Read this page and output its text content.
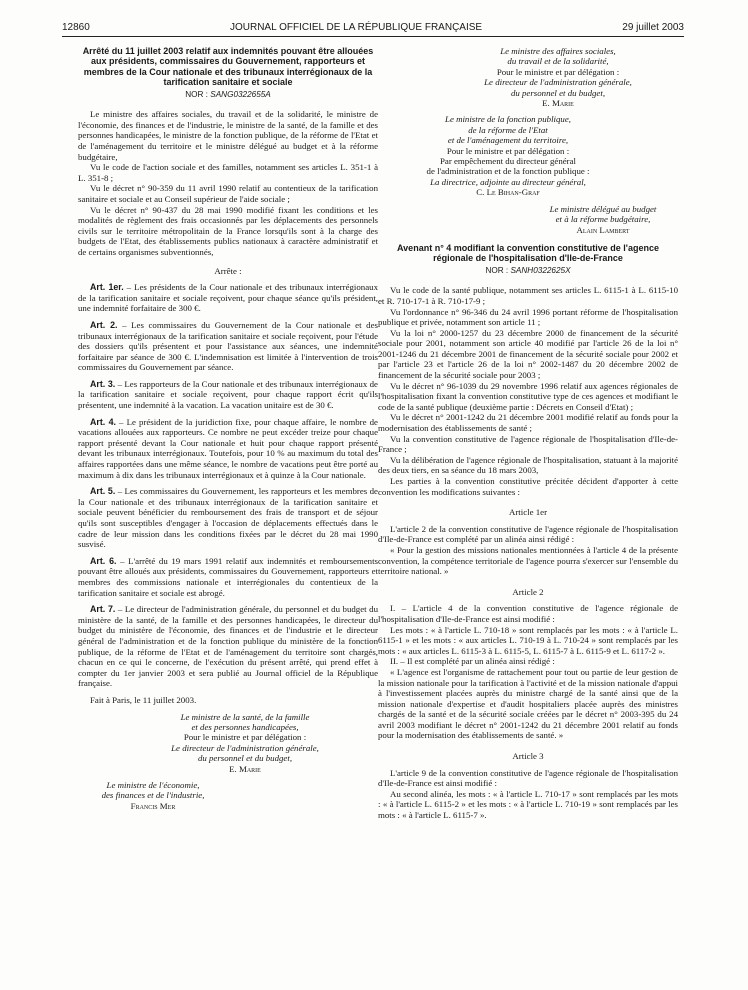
12860	JOURNAL OFFICIEL DE LA RÉPUBLIQUE FRANÇAISE	29 juillet 2003
Arrêté du 11 juillet 2003 relatif aux indemnités pouvant être allouées aux présidents, commissaires du Gouvernement, rapporteurs et membres de la Cour nationale et des tribunaux interrégionaux de la tarification sanitaire et sociale
NOR : SANG0322655A

Le ministre des affaires sociales, du travail et de la solidarité, le ministre de l'économie, des finances et de l'industrie, le ministre de la santé, de la famille et des personnes handicapées, le ministre de la fonction publique, de la réforme de l'Etat et de l'aménagement du territoire et le ministre délégué au budget et à la réforme budgétaire,

Vu le code de l'action sociale et des familles, notamment ses articles L. 351-1 à L. 351-8 ;

Vu le décret n° 90-359 du 11 avril 1990 relatif au contentieux de la tarification sanitaire et sociale et au Conseil supérieur de l'aide sociale ;

Vu le décret n° 90-437 du 28 mai 1990 modifié fixant les conditions et les modalités de règlement des frais occasionnés par les déplacements des personnels civils sur le territoire métropolitain de la France lorsqu'ils sont à la charge des budgets de l'Etat, des établissements publics nationaux à caractère administratif et de certains organismes subventionnés,

Arrête :

Art. 1er. – Les présidents de la Cour nationale et des tribunaux interrégionaux de la tarification sanitaire et sociale reçoivent, pour chaque séance qu'ils président, une indemnité forfaitaire de 300 €.

Art. 2. – Les commissaires du Gouvernement de la Cour nationale et des tribunaux interrégionaux de la tarification sanitaire et sociale reçoivent, pour l'étude des dossiers qu'ils présentent et pour l'assistance aux séances, une indemnité forfaitaire par séance de 300 €. L'indemnisation est limitée à l'intervention de trois commissaires du Gouvernement par séance.

Art. 3. – Les rapporteurs de la Cour nationale et des tribunaux interrégionaux de la tarification sanitaire et sociale reçoivent, pour chaque rapport écrit qu'ils présentent, une indemnité à la vacation. La vacation unitaire est de 30 €.

Art. 4. – Le président de la juridiction fixe, pour chaque affaire, le nombre de vacations allouées aux rapporteurs. Ce nombre ne peut excéder treize pour chaque rapport présenté devant la Cour nationale et huit pour chaque rapport présenté devant les tribunaux interrégionaux. Toutefois, pour 10 % au maximum du total des affaires rapportées dans une même séance, le nombre de vacations peut être porté au maximum à dix dans les tribunaux interrégionaux et à quinze à la Cour nationale.

Art. 5. – Les commissaires du Gouvernement, les rapporteurs et les membres de la Cour nationale et des tribunaux interrégionaux de la tarification sanitaire et sociale peuvent bénéficier du remboursement des frais de transport et de séjour qu'ils sont susceptibles d'engager à l'occasion de déplacements effectués dans le cadre de leur mission dans les conditions fixées par le décret du 28 mai 1990 susvisé.

Art. 6. – L'arrêté du 19 mars 1991 relatif aux indemnités et remboursements pouvant être alloués aux présidents, commissaires du Gouvernement, rapporteurs et membres des commissions nationale et interrégionales du contentieux de la tarification sanitaire et sociale est abrogé.

Art. 7. – Le directeur de l'administration générale, du personnel et du budget du ministère de la santé, de la famille et des personnes handicapées, le directeur du budget du ministère de l'économie, des finances et de l'industrie et le directeur général de l'administration et de la fonction publique du ministère de la fonction publique, de la réforme de l'Etat et de l'aménagement du territoire sont chargés, chacun en ce qui le concerne, de l'exécution du présent arrêté, qui prend effet à compter du 1er janvier 2003 et sera publié au Journal officiel de la République française.

Fait à Paris, le 11 juillet 2003.

Le ministre de la santé, de la famille
et des personnes handicapées,
Pour le ministre et par délégation :
Le directeur de l'administration générale,
du personnel et du budget,
E. Marie
Le ministre de l'économie,
des finances et de l'industrie,
Francis Mer
Le ministre des affaires sociales,
du travail et de la solidarité,
Pour le ministre et par délégation :
Le directeur de l'administration générale,
du personnel et du budget,
E. Marie
Le ministre de la fonction publique,
de la réforme de l'Etat
et de l'aménagement du territoire,
Pour le ministre et par délégation :
Par empêchement du directeur général
de l'administration et de la fonction publique :
La directrice, adjointe au directeur général,
C. Le Bihan-Graf
Le ministre délégué au budget
et à la réforme budgétaire,
Alain Lambert
Avenant n° 4 modifiant la convention constitutive de l'agence régionale de l'hospitalisation d'Ile-de-France
NOR : SANH0322625X

Vu le code de la santé publique, notamment ses articles L. 6115-1 à L. 6115-10 et R. 710-17-1 à R. 710-17-9 ;

Vu l'ordonnance n° 96-346 du 24 avril 1996 portant réforme de l'hospitalisation publique et privée, notamment son article 11 ;

Vu la loi n° 2000-1257 du 23 décembre 2000 de financement de la sécurité sociale pour 2001, notamment son article 40 modifié par l'article 26 de la loi n° 2001-1246 du 21 décembre 2001 de financement de la sécurité sociale pour 2002 et par l'article 23 et l'article 26 de la loi n° 2002-1487 du 20 décembre 2002 de financement de la sécurité sociale pour 2003 ;

Vu le décret n° 96-1039 du 29 novembre 1996 relatif aux agences régionales de l'hospitalisation fixant la convention constitutive type de ces agences et modifiant le code de la santé publique (deuxième partie : Décrets en Conseil d'Etat) ;

Vu le décret n° 2001-1242 du 21 décembre 2001 modifié relatif au fonds pour la modernisation des établissements de santé ;

Vu la convention constitutive de l'agence régionale de l'hospitalisation d'Ile-de-France ;

Vu la délibération de l'agence régionale de l'hospitalisation, statuant à la majorité des deux tiers, en sa séance du 18 mars 2003,

Les parties à la convention constitutive précitée décident d'apporter à cette convention les modifications suivantes :

Article 1er

L'article 2 de la convention constitutive de l'agence régionale de l'hospitalisation d'Ile-de-France est complété par un alinéa ainsi rédigé :

« Pour la gestion des missions nationales mentionnées à l'article 4 de la présente convention, la compétence territoriale de l'agence pourra s'exercer sur l'ensemble du territoire national. »

Article 2

I. – L'article 4 de la convention constitutive de l'agence régionale de l'hospitalisation d'Ile-de-France est ainsi modifié :

Les mots : « à l'article L. 710-18 » sont remplacés par les mots : « à l'article L. 6115-1 » et les mots : « aux articles L. 710-19 à L. 710-24 » sont remplacés par les mots : « aux articles L. 6115-3 à L. 6115-5, L. 6115-7 à L. 6115-9 et L. 6117-2 ».

II. – Il est complété par un alinéa ainsi rédigé :

« L'agence est l'organisme de rattachement pour tout ou partie de leur gestion de la mission nationale pour la tarification à l'activité et de la mission nationale d'appui à l'investissement placées auprès du ministre chargé de la santé ainsi que de la mission nationale d'expertise et d'audit hospitaliers placée auprès des ministres chargés de la santé et de la sécurité sociale créées par le décret n° 2003-395 du 24 avril 2003 modifiant le décret n° 2001-1242 du 21 décembre 2001 relatif au fonds pour la modernisation des établissements de santé. »

Article 3

L'article 9 de la convention constitutive de l'agence régionale de l'hospitalisation d'Ile-de-France est ainsi modifié :

Au second alinéa, les mots : « à l'article L. 710-17 » sont remplacés par les mots : « à l'article L. 6115-2 » et les mots : « à l'article L. 710-19 » sont remplacés par les mots : « à l'article L. 6115-7 ».
